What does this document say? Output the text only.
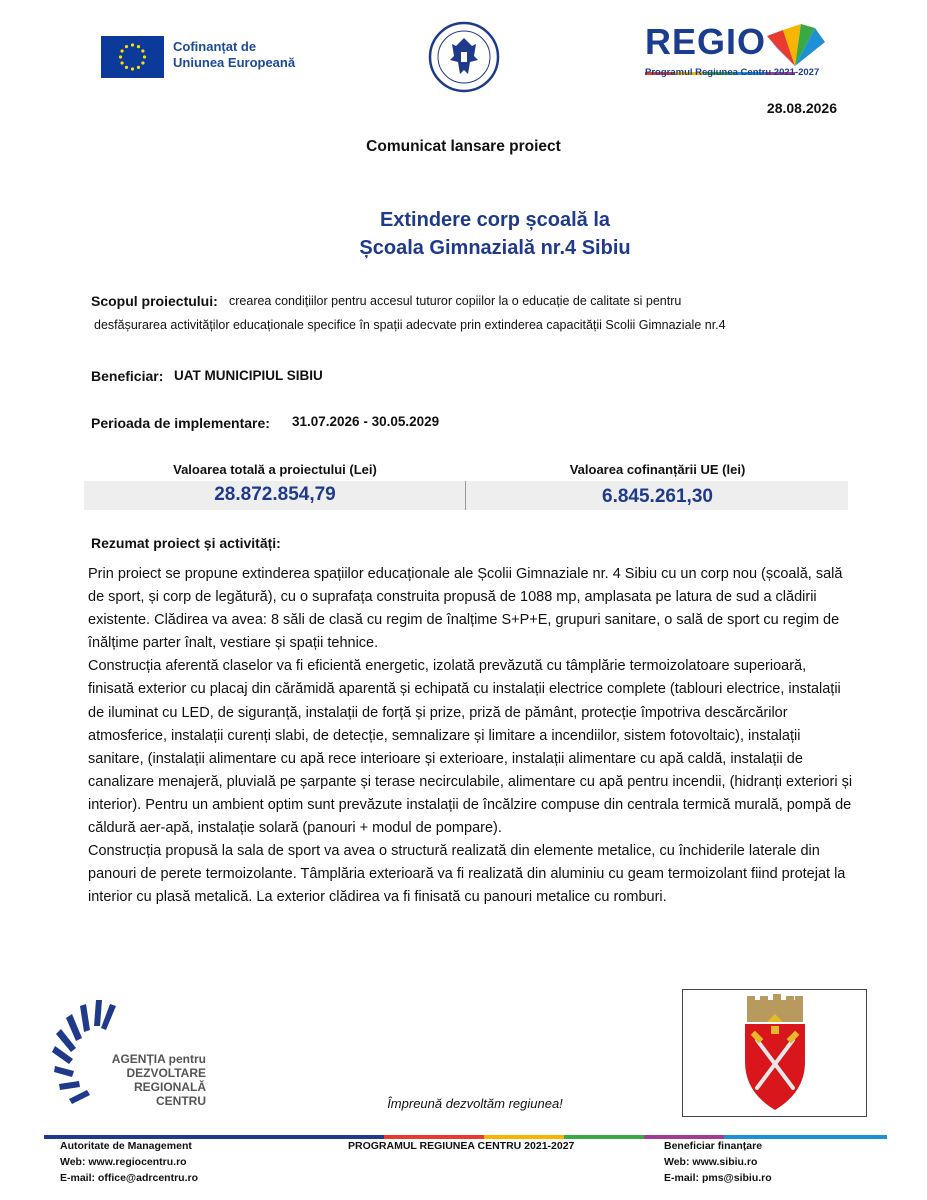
Cofinanțat de
Uniunea Europeană
REGIO
Programul Regiunea Centru 2021-2027
28.08.2026
Comunicat lansare proiect
Extindere corp școală la
Școala Gimnazială nr.4 Sibiu
Scopul proiectului: crearea condițiilor pentru accesul tuturor copiilor la o educație de calitate si pentru
desfășurarea activităților educaționale specifice în spații adecvate prin extinderea capacității Scolii Gimnaziale nr.4
Beneficiar: UAT MUNICIPIUL SIBIU
Perioada de implementare: 31.07.2026 - 30.05.2029
Valoarea totală a proiectului (Lei)	Valoarea cofinanțării UE (lei)
28.872.854,79	6.845.261,30
Rezumat proiect și activități:

Prin proiect se propune extinderea spațiilor educaționale ale Școlii Gimnaziale nr. 4 Sibiu cu un corp nou (școală, sală de sport, și corp de legătură), cu o suprafața construita propusă de 1088 mp, amplasata pe latura de sud a clădirii existente. Clădirea va avea: 8 săli de clasă cu regim de înalțime S+P+E, grupuri sanitare, o sală de sport cu regim de înălțime parter înalt, vestiare și spații tehnice.

Construcția aferentă claselor va fi eficientă energetic, izolată prevăzută cu tâmplărie termoizolatoare superioară, finisată exterior cu placaj din cărămidă aparentă și echipată cu instalații electrice complete (tablouri electrice, instalații de iluminat cu LED, de siguranță, instalații de forță și prize, priză de pământ, protecție împotriva descărcărilor atmosferice, instalații curenți slabi, de detecție, semnalizare și limitare a incendiilor, sistem fotovoltaic), instalații sanitare, (instalații alimentare cu apă rece interioare și exterioare, instalații alimentare cu apă caldă, instalații de canalizare menajeră, pluvială pe șarpante și terase necirculabile, alimentare cu apă pentru incendii, (hidranți exteriori și interior). Pentru un ambient optim sunt prevăzute instalații de încălzire compuse din centrala termică murală, pompă de căldură aer-apă, instalație solară (panouri + modul de pompare).

Construcția propusă la sala de sport va avea o structură realizată din elemente metalice, cu închiderile laterale din panouri de perete termoizolante. Tâmplăria exterioară va fi realizată din aluminiu cu geam termoizolant fiind protejat la interior cu plasă metalică. La exterior clădirea va fi finisată cu panouri metalice cu romburi.

AGENȚIA pentru
DEZVOLTARE
REGIONALĂ
CENTRU	Împreună dezvoltăm regiunea!
Autoritate de Management
Web: www.regiocentru.ro
E-mail: office@adrcentru.ro
PROGRAMUL REGIUNEA CENTRU 2021-2027	Beneficiar finanțare
Web: www.sibiu.ro
E-mail: pms@sibiu.ro
